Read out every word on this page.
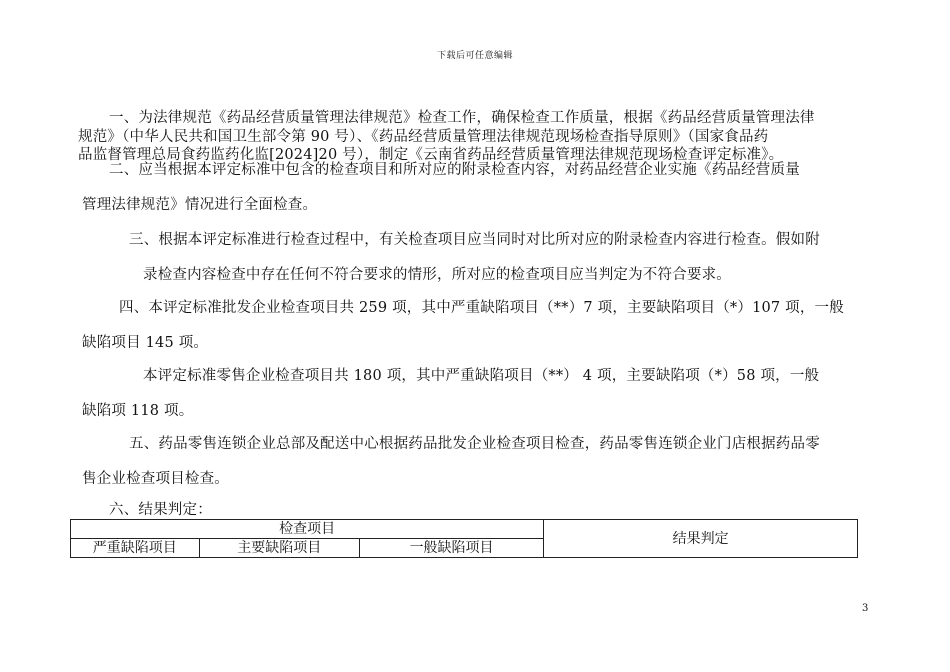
下载后可任意编辑
一、为法律规范《药品经营质量管理法律规范》检查工作，确保检查工作质量，根据《药品经营质量管理法律
规范》（中华人民共和国卫生部令第 90 号）、《药品经营质量管理法律规范现场检查指导原则》（国家食品药
品监督管理总局食药监药化监[2024]20 号），制定《云南省药品经营质量管理法律规范现场检查评定标准》。
二、应当根据本评定标准中包含的检查项目和所对应的附录检查内容，对药品经营企业实施《药品经营质量
管理法律规范》情况进行全面检查。
三、根据本评定标准进行检查过程中，有关检查项目应当同时对比所对应的附录检查内容进行检查。假如附
录检查内容检查中存在任何不符合要求的情形，所对应的检查项目应当判定为不符合要求。
四、本评定标准批发企业检查项目共 259 项，其中严重缺陷项目（**）7 项，主要缺陷项目（*）107 项，一般
缺陷项目 145 项。
本评定标准零售企业检查项目共 180 项，其中严重缺陷项目（**） 4 项，主要缺陷项（*）58 项，一般
缺陷项 118 项。
五、药品零售连锁企业总部及配送中心根据药品批发企业检查项目检查，药品零售连锁企业门店根据药品零
售企业检查项目检查。
六、结果判定：
检查项目			结果判定
严重缺陷项目	主要缺陷项目	一般缺陷项目	
3
